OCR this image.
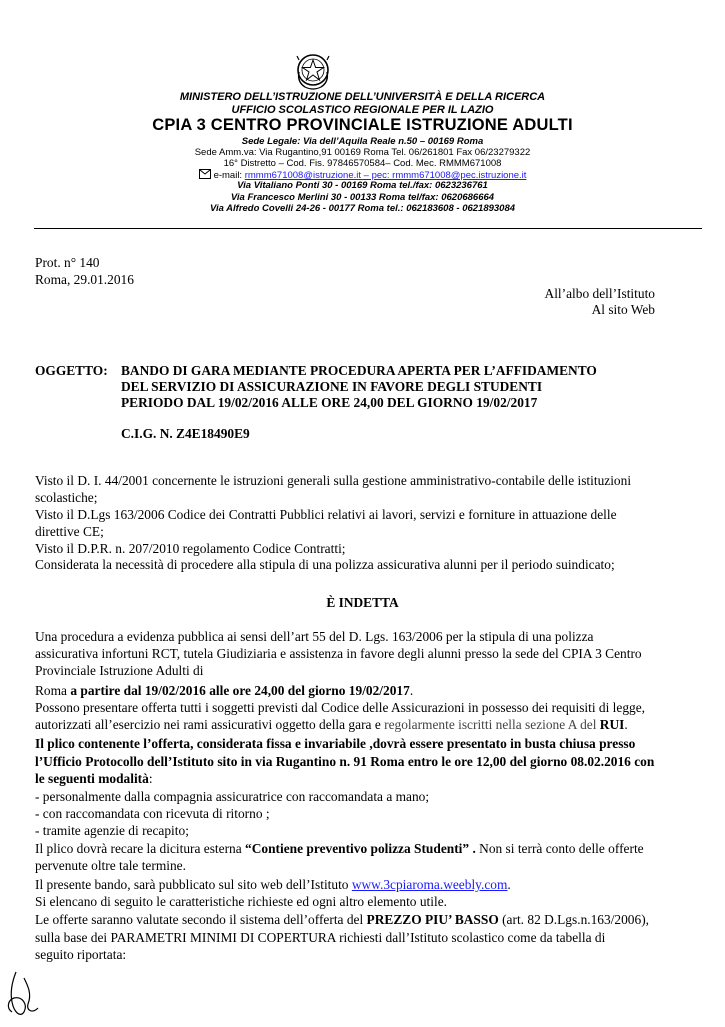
MINISTERO DELL’ISTRUZIONE DELL’UNIVERSITÀ E DELLA RICERCA
UFFICIO SCOLASTICO REGIONALE PER IL LAZIO
CPIA 3 CENTRO PROVINCIALE ISTRUZIONE ADULTI
Sede Legale: Via dell’Aquila Reale n.50 – 00169 Roma
Sede Amm.va: Via Rugantino,91 00169 Roma Tel. 06/261801 Fax 06/23279322
16° Distretto – Cod. Fis. 97846570584– Cod. Mec. RMMM671008
e-mail: rmmm671008@istruzione.it – pec: rmmm671008@pec.istruzione.it
Via Vitaliano Ponti 30 - 00169 Roma tel./fax: 0623236761
Via Francesco Merlini 30 - 00133 Roma tel/fax: 0620686664
Via Alfredo Covelli 24-26 - 00177 Roma tel.: 062183608 - 0621893084
Prot. n° 140
Roma, 29.01.2016
All’albo dell’Istituto
Al sito Web
OGGETTO: BANDO DI GARA MEDIANTE PROCEDURA APERTA PER L’AFFIDAMENTO
DEL SERVIZIO DI ASSICURAZIONE IN FAVORE DEGLI STUDENTI
PERIODO DAL 19/02/2016 ALLE ORE 24,00 DEL GIORNO 19/02/2017
C.I.G. N. Z4E18490E9
Visto il D. I. 44/2001 concernente le istruzioni generali sulla gestione amministrativo-contabile delle istituzioni
scolastiche;
Visto il D.Lgs 163/2006 Codice dei Contratti Pubblici relativi ai lavori, servizi e forniture in attuazione delle
direttive CE;
Visto il D.P.R. n. 207/2010 regolamento Codice Contratti;
Considerata la necessità di procedere alla stipula di una polizza assicurativa alunni per il periodo suindicato;
È INDETTA
Una procedura a evidenza pubblica ai sensi dell’art 55 del D. Lgs. 163/2006 per la stipula di una polizza
assicurativa infortuni RCT, tutela Giudiziaria e assistenza in favore degli alunni presso la sede del CPIA 3 Centro
Provinciale Istruzione Adulti di
Roma a partire dal 19/02/2016 alle ore 24,00 del giorno 19/02/2017.
Possono presentare offerta tutti i soggetti previsti dal Codice delle Assicurazioni in possesso dei requisiti di legge,
autorizzati all’esercizio nei rami assicurativi oggetto della gara e regolarmente iscritti nella sezione A del RUI.
Il plico contenente l’offerta, considerata fissa e invariabile ,dovrà essere presentato in busta chiusa presso
l’Ufficio Protocollo dell’Istituto sito in via Rugantino n. 91 Roma entro le ore 12,00 del giorno 08.02.2016 con
le seguenti modalità:
- personalmente dalla compagnia assicuratrice con raccomandata a mano;
- con raccomandata con ricevuta di ritorno ;
- tramite agenzie di recapito;
Il plico dovrà recare la dicitura esterna “Contiene preventivo polizza Studenti” . Non si terrà conto delle offerte
pervenute oltre tale termine.
Il presente bando, sarà pubblicato sul sito web dell’Istituto www.3cpiaroma.weebly.com.
Si elencano di seguito le caratteristiche richieste ed ogni altro elemento utile.
Le offerte saranno valutate secondo il sistema dell’offerta del PREZZO PIU’ BASSO (art. 82 D.Lgs.n.163/2006),
sulla base dei PARAMETRI MINIMI DI COPERTURA richiesti dall’Istituto scolastico come da tabella di
seguito riportata:
